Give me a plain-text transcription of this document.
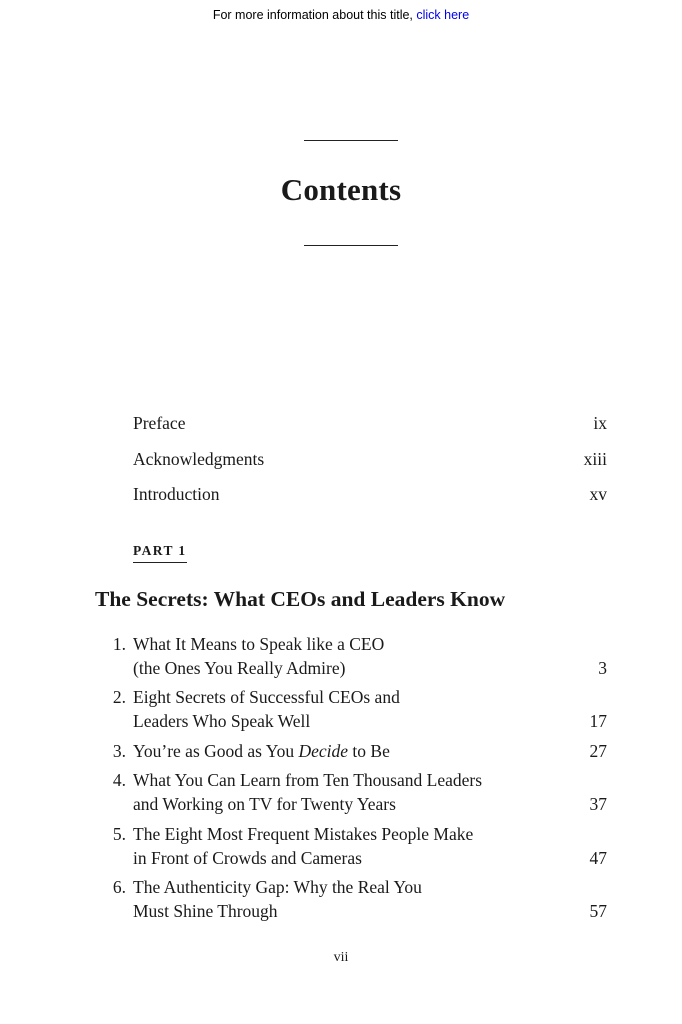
For more information about this title, click here
Contents
Preface	ix
Acknowledgments	xiii
Introduction	xv
PART 1
The Secrets: What CEOs and Leaders Know
1. What It Means to Speak like a CEO
(the Ones You Really Admire)	3
2. Eight Secrets of Successful CEOs and
Leaders Who Speak Well	17
3. You’re as Good as You Decide to Be	27
4. What You Can Learn from Ten Thousand Leaders
and Working on TV for Twenty Years	37
5. The Eight Most Frequent Mistakes People Make
in Front of Crowds and Cameras	47
6. The Authenticity Gap: Why the Real You
Must Shine Through	57
vii
